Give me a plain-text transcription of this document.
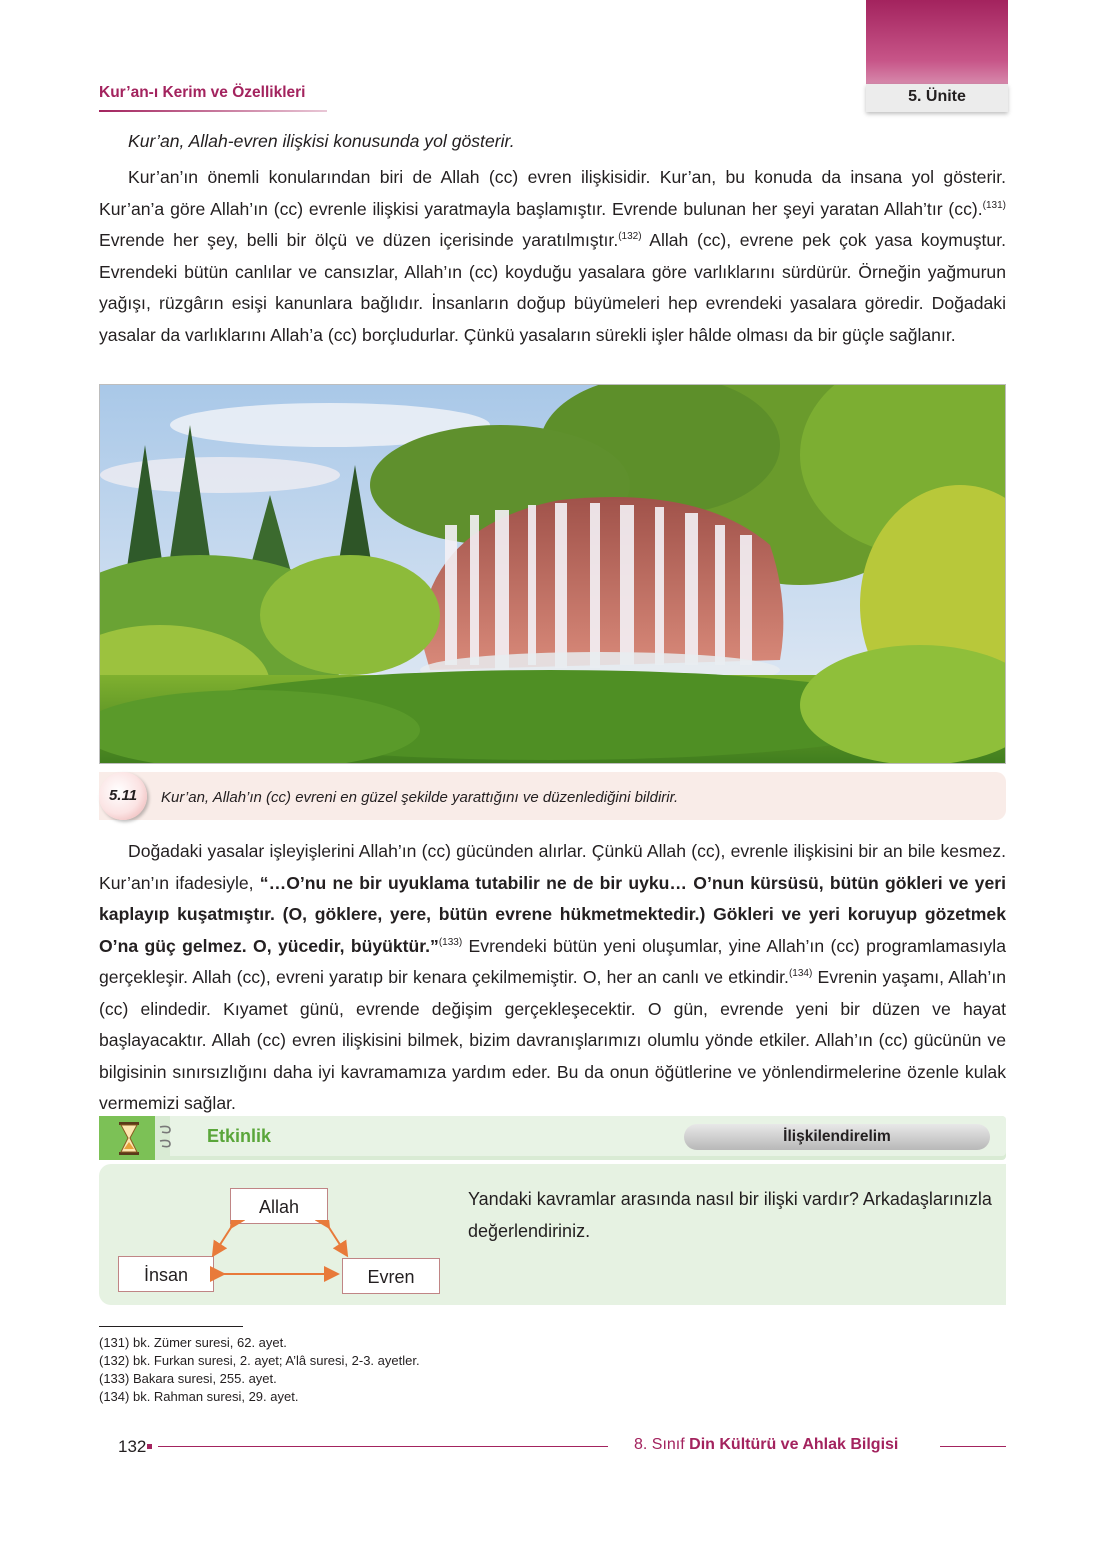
5. Ünite
Kur’an-ı Kerim ve Özellikleri
Kur’an, Allah-evren ilişkisi konusunda yol gösterir.

Kur’an’ın önemli konularından biri de Allah (cc) evren ilişkisidir. Kur’an, bu konuda da insana yol gösterir. Kur’an’a göre Allah’ın (cc) evrenle ilişkisi yaratmayla başlamıştır. Evrende bulunan her şeyi yaratan Allah’tır (cc).$^{(131)}$ Evrende her şey, belli bir ölçü ve düzen içerisinde yaratılmıştır.$^{(132)}$ Allah (cc), evrene pek çok yasa koymuştur. Evrendeki bütün canlılar ve cansızlar, Allah’ın (cc) koyduğu yasalara göre varlıklarını sürdürür. Örneğin yağmurun yağışı, rüzgârın esişi kanunlara bağlıdır. İnsanların doğup büyümeleri hep evrendeki yasalara göredir. Doğadaki yasalar da varlıklarını Allah’a (cc) borçludurlar. Çünkü yasaların sürekli işler hâlde olması da bir güçle sağlanır.

5.11	Kur’an, Allah’ın (cc) evreni en güzel şekilde yarattığını ve düzenlediğini bildirir.

Doğadaki yasalar işleyişlerini Allah’ın (cc) gücünden alırlar. Çünkü Allah (cc), evrenle ilişkisini bir an bile kesmez. Kur’an’ın ifadesiyle, “…O’nu ne bir uyuklama tutabilir ne de bir uyku… O’nun kürsüsü, bütün gökleri ve yeri kaplayıp kuşatmıştır. (O, göklere, yere, bütün evrene hükmetmektedir.) Gökleri ve yeri koruyup gözetmek O’na güç gelmez. O, yücedir, büyüktür.”$^{(133)}$ Evrendeki bütün yeni oluşumlar, yine Allah’ın (cc) programlamasıyla gerçekleşir. Allah (cc), evreni yaratıp bir kenara çekilmemiştir. O, her an canlı ve etkindir.$^{(134)}$ Evrenin yaşamı, Allah’ın (cc) elindedir. Kıyamet günü, evrende değişim gerçekleşecektir. O gün, evrende yeni bir düzen ve hayat başlayacaktır. Allah (cc) evren ilişkisini bilmek, bizim davranışlarımızı olumlu yönde etkiler. Allah’ın (cc) gücünün ve bilgisinin sınırsızlığını daha iyi kavramamıza yardım eder. Bu da onun öğütlerine ve yönlendirmelerine özenle kulak vermemizi sağlar.

Etkinlik	İlişkilendirelim
Allah
İnsan	Evren
Yandaki kavramlar arasında nasıl bir ilişki vardır? Arkadaşlarınızla değerlendiriniz.
(131) bk. Zümer suresi, 62. ayet.
(132) bk. Furkan suresi, 2. ayet; A’lâ suresi, 2-3. ayetler.
(133) Bakara suresi, 255. ayet.
(134) bk. Rahman suresi, 29. ayet.
132	8. Sınıf Din Kültürü ve Ahlak Bilgisi
